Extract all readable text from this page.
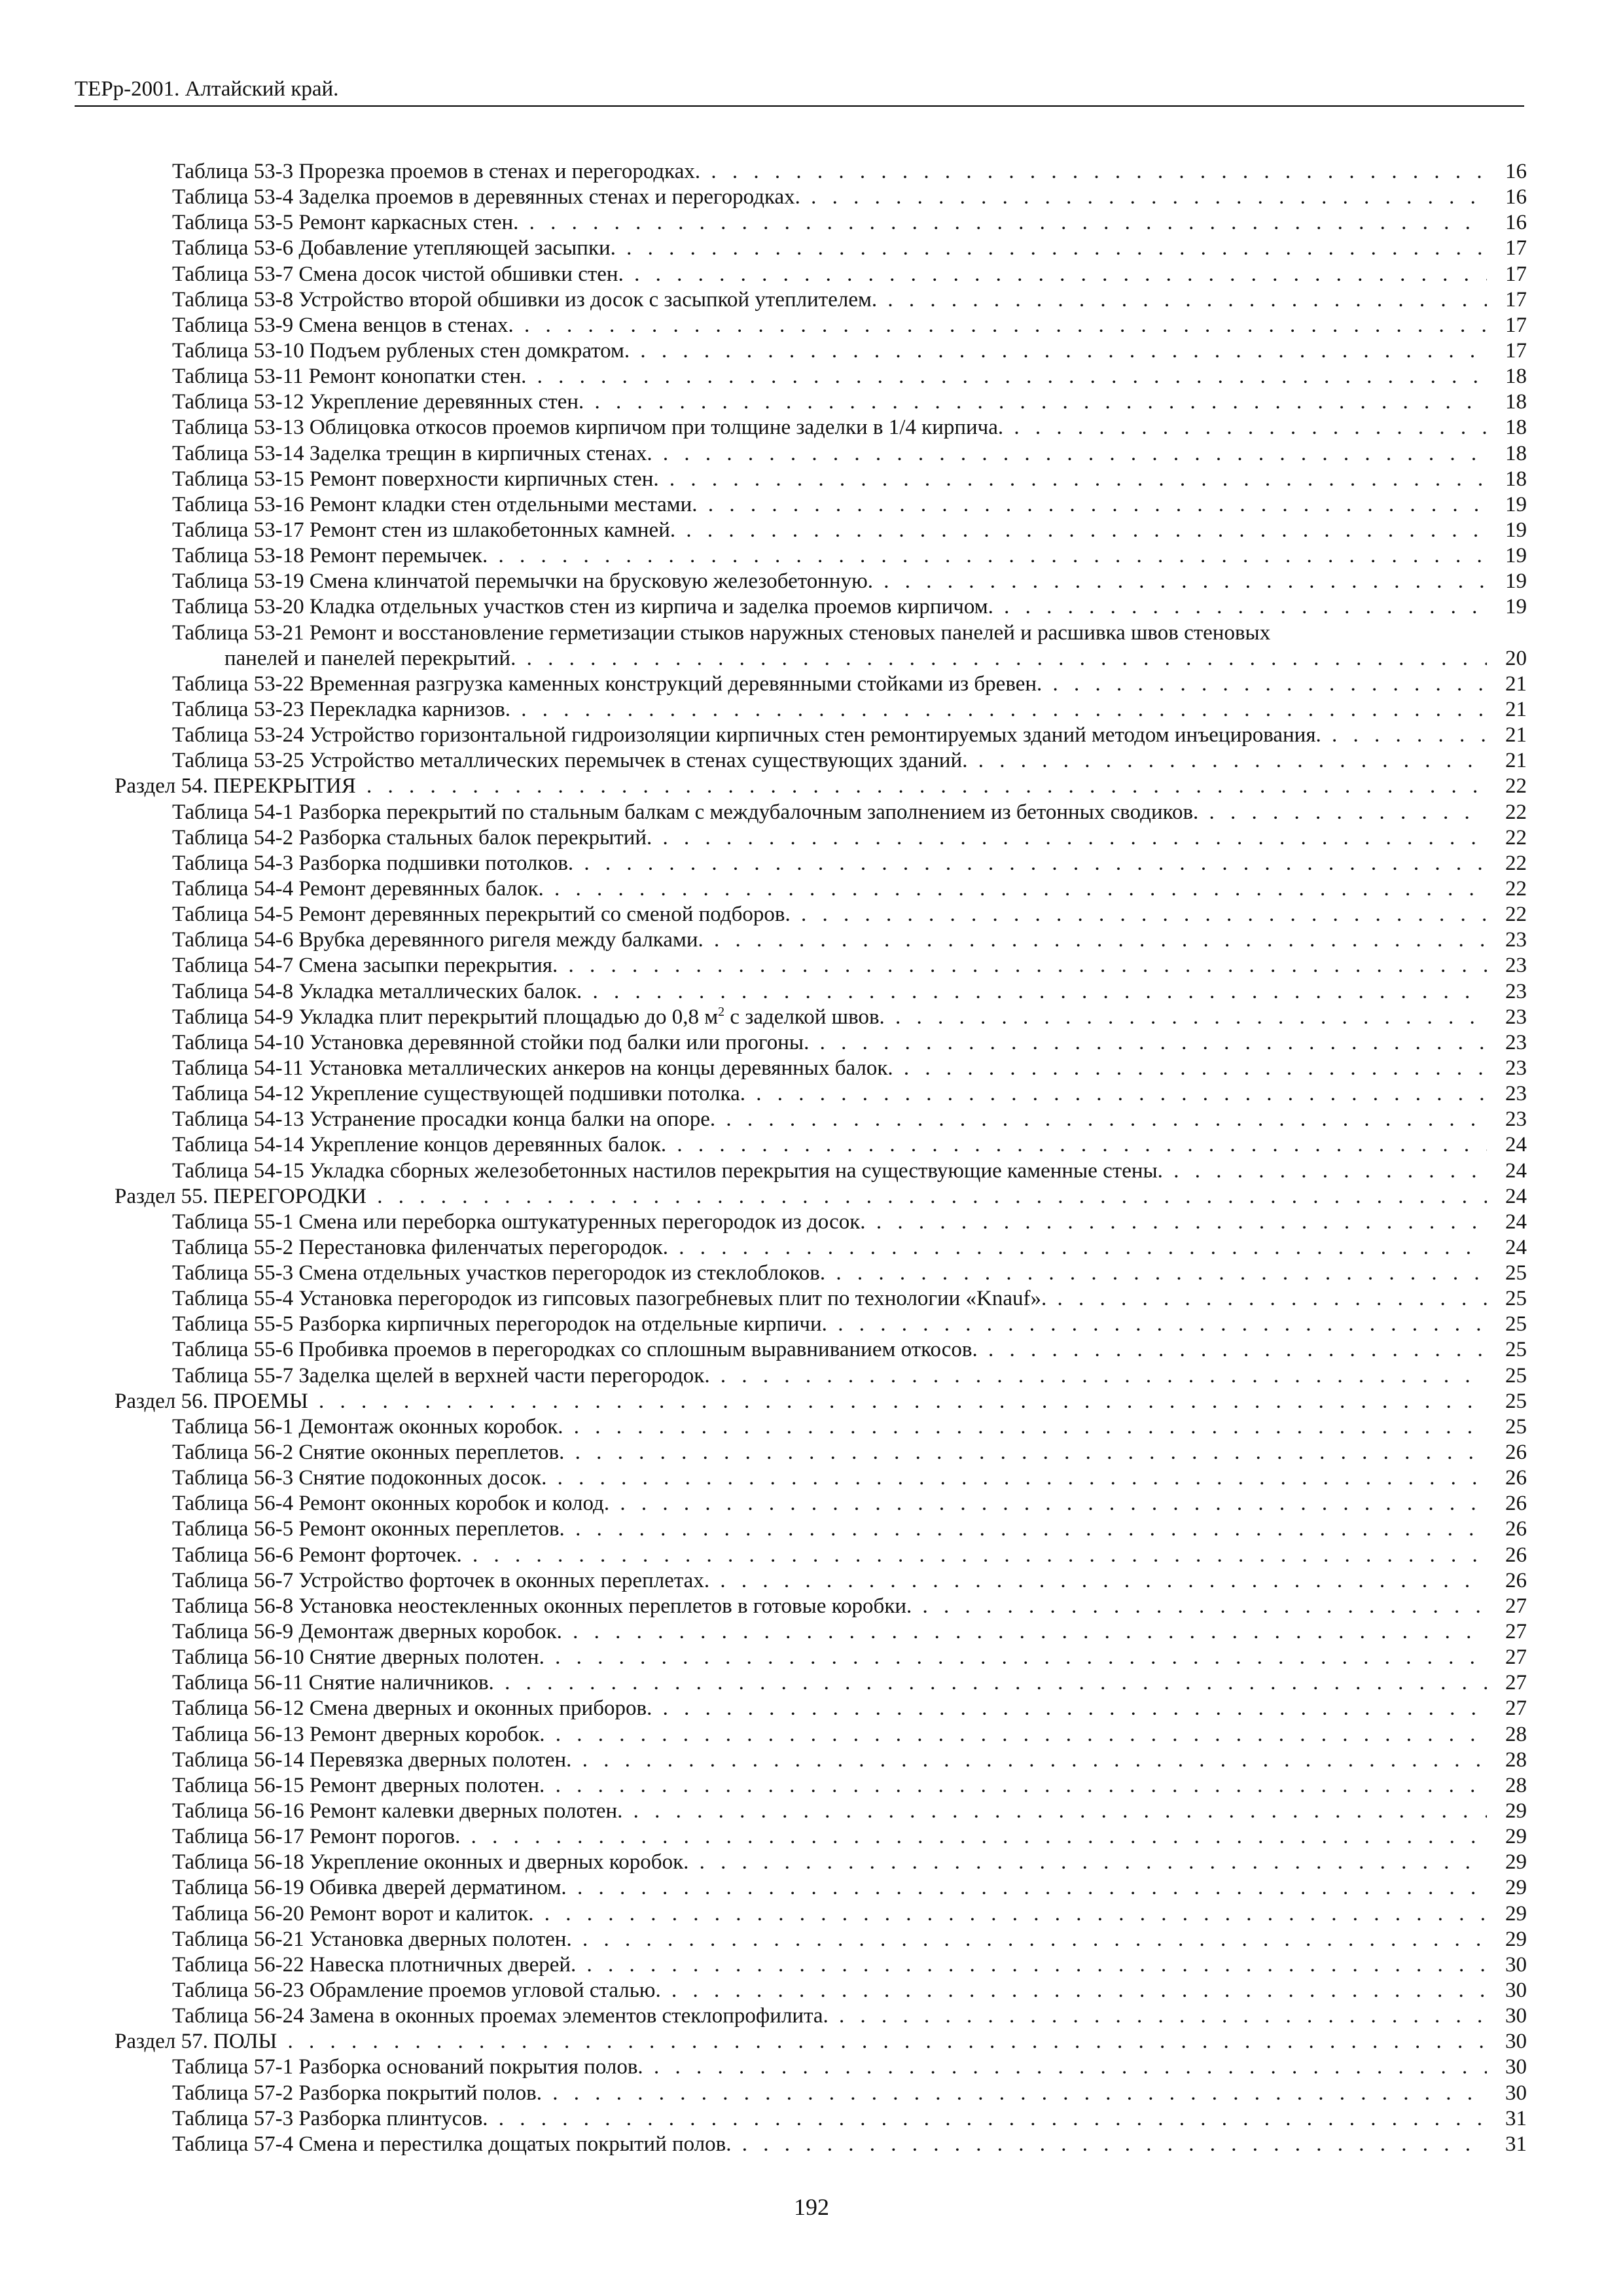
ТЕРр-2001. Алтайский край.
Таблица 53-3 Прорезка проемов в стенах и перегородках. . . .	16
Таблица 53-4 Заделка проемов в деревянных стенах и перегородках. . . .	16
Таблица 53-5 Ремонт каркасных стен. . . .	16
Таблица 53-6 Добавление утепляющей засыпки. . . .	17
Таблица 53-7 Смена досок чистой обшивки стен. . . .	17
Таблица 53-8 Устройство второй обшивки из досок с засыпкой утеплителем. . . .	17
Таблица 53-9 Смена венцов в стенах. . . .	17
Таблица 53-10 Подъем рубленых стен домкратом. . . .	17
Таблица 53-11 Ремонт конопатки стен. . . .	18
Таблица 53-12 Укрепление деревянных стен. . . .	18
Таблица 53-13 Облицовка откосов проемов кирпичом при толщине заделки в 1/4 кирпича. . . .	18
Таблица 53-14 Заделка трещин в кирпичных стенах. . . .	18
Таблица 53-15 Ремонт поверхности кирпичных стен. . . .	18
Таблица 53-16 Ремонт кладки стен отдельными местами. . . .	19
Таблица 53-17 Ремонт стен из шлакобетонных камней. . . .	19
Таблица 53-18 Ремонт перемычек. . . .	19
Таблица 53-19 Смена клинчатой перемычки на брусковую железобетонную. . . .	19
Таблица 53-20 Кладка отдельных участков стен из кирпича и заделка проемов кирпичом. . . .	19
Таблица 53-21 Ремонт и восстановление герметизации стыков наружных стеновых панелей и расшивка швов стеновых
панелей и панелей перекрытий. . . .	20
Таблица 53-22 Временная разгрузка каменных конструкций деревянными стойками из бревен. . . .	21
Таблица 53-23 Перекладка карнизов. . . .	21
Таблица 53-24 Устройство горизонтальной гидроизоляции кирпичных стен ремонтируемых зданий методом инъецирования. . . .	21
Таблица 53-25 Устройство металлических перемычек в стенах существующих зданий. . . .	21
Раздел 54. ПЕРЕКРЫТИЯ . . .	22
Таблица 54-1 Разборка перекрытий по стальным балкам с междубалочным заполнением из бетонных сводиков. . . .	22
Таблица 54-2 Разборка стальных балок перекрытий. . . .	22
Таблица 54-3 Разборка подшивки потолков. . . .	22
Таблица 54-4 Ремонт деревянных балок. . . .	22
Таблица 54-5 Ремонт деревянных перекрытий со сменой подборов. . . .	22
Таблица 54-6 Врубка деревянного ригеля между балками. . . .	23
Таблица 54-7 Смена засыпки перекрытия. . . .	23
Таблица 54-8 Укладка металлических балок. . . .	23
Таблица 54-9 Укладка плит перекрытий площадью до 0,8 $м^2$ с заделкой швов. . . .	23
Таблица 54-10 Установка деревянной стойки под балки или прогоны. . . .	23
Таблица 54-11 Установка металлических анкеров на концы деревянных балок. . . .	23
Таблица 54-12 Укрепление существующей подшивки потолка. . . .	23
Таблица 54-13 Устранение просадки конца балки на опоре. . . .	23
Таблица 54-14 Укрепление концов деревянных балок. . . .	24
Таблица 54-15 Укладка сборных железобетонных настилов перекрытия на существующие каменные стены. . . .	24
Раздел 55. ПЕРЕГОРОДКИ . . .	24
Таблица 55-1 Смена или переборка оштукатуренных перегородок из досок. . . .	24
Таблица 55-2 Перестановка филенчатых перегородок. . . .	24
Таблица 55-3 Смена отдельных участков перегородок из стеклоблоков. . . .	25
Таблица 55-4 Установка перегородок из гипсовых пазогребневых плит по технологии «Knauf». . . .	25
Таблица 55-5 Разборка кирпичных перегородок на отдельные кирпичи. . . .	25
Таблица 55-6 Пробивка проемов в перегородках со сплошным выравниванием откосов. . . .	25
Таблица 55-7 Заделка щелей в верхней части перегородок. . . .	25
Раздел 56. ПРОЕМЫ . . .	25
Таблица 56-1 Демонтаж оконных коробок. . . .	25
Таблица 56-2 Снятие оконных переплетов. . . .	26
Таблица 56-3 Снятие подоконных досок. . . .	26
Таблица 56-4 Ремонт оконных коробок и колод. . . .	26
Таблица 56-5 Ремонт оконных переплетов. . . .	26
Таблица 56-6 Ремонт форточек. . . .	26
Таблица 56-7 Устройство форточек в оконных переплетах. . . .	26
Таблица 56-8 Установка неостекленных оконных переплетов в готовые коробки. . . .	27
Таблица 56-9 Демонтаж дверных коробок. . . .	27
Таблица 56-10 Снятие дверных полотен. . . .	27
Таблица 56-11 Снятие наличников. . . .	27
Таблица 56-12 Смена дверных и оконных приборов. . . .	27
Таблица 56-13 Ремонт дверных коробок. . . .	28
Таблица 56-14 Перевязка дверных полотен. . . .	28
Таблица 56-15 Ремонт дверных полотен. . . .	28
Таблица 56-16 Ремонт калевки дверных полотен. . . .	29
Таблица 56-17 Ремонт порогов. . . .	29
Таблица 56-18 Укрепление оконных и дверных коробок. . . .	29
Таблица 56-19 Обивка дверей дерматином. . . .	29
Таблица 56-20 Ремонт ворот и калиток. . . .	29
Таблица 56-21 Установка дверных полотен. . . .	29
Таблица 56-22 Навеска плотничных дверей. . . .	30
Таблица 56-23 Обрамление проемов угловой сталью. . . .	30
Таблица 56-24 Замена в оконных проемах элементов стеклопрофилита. . . .	30
Раздел 57. ПОЛЫ . . .	30
Таблица 57-1 Разборка оснований покрытия полов. . . .	30
Таблица 57-2 Разборка покрытий полов. . . .	30
Таблица 57-3 Разборка плинтусов. . . .	31
Таблица 57-4 Смена и перестилка дощатых покрытий полов. . . .	31
192
